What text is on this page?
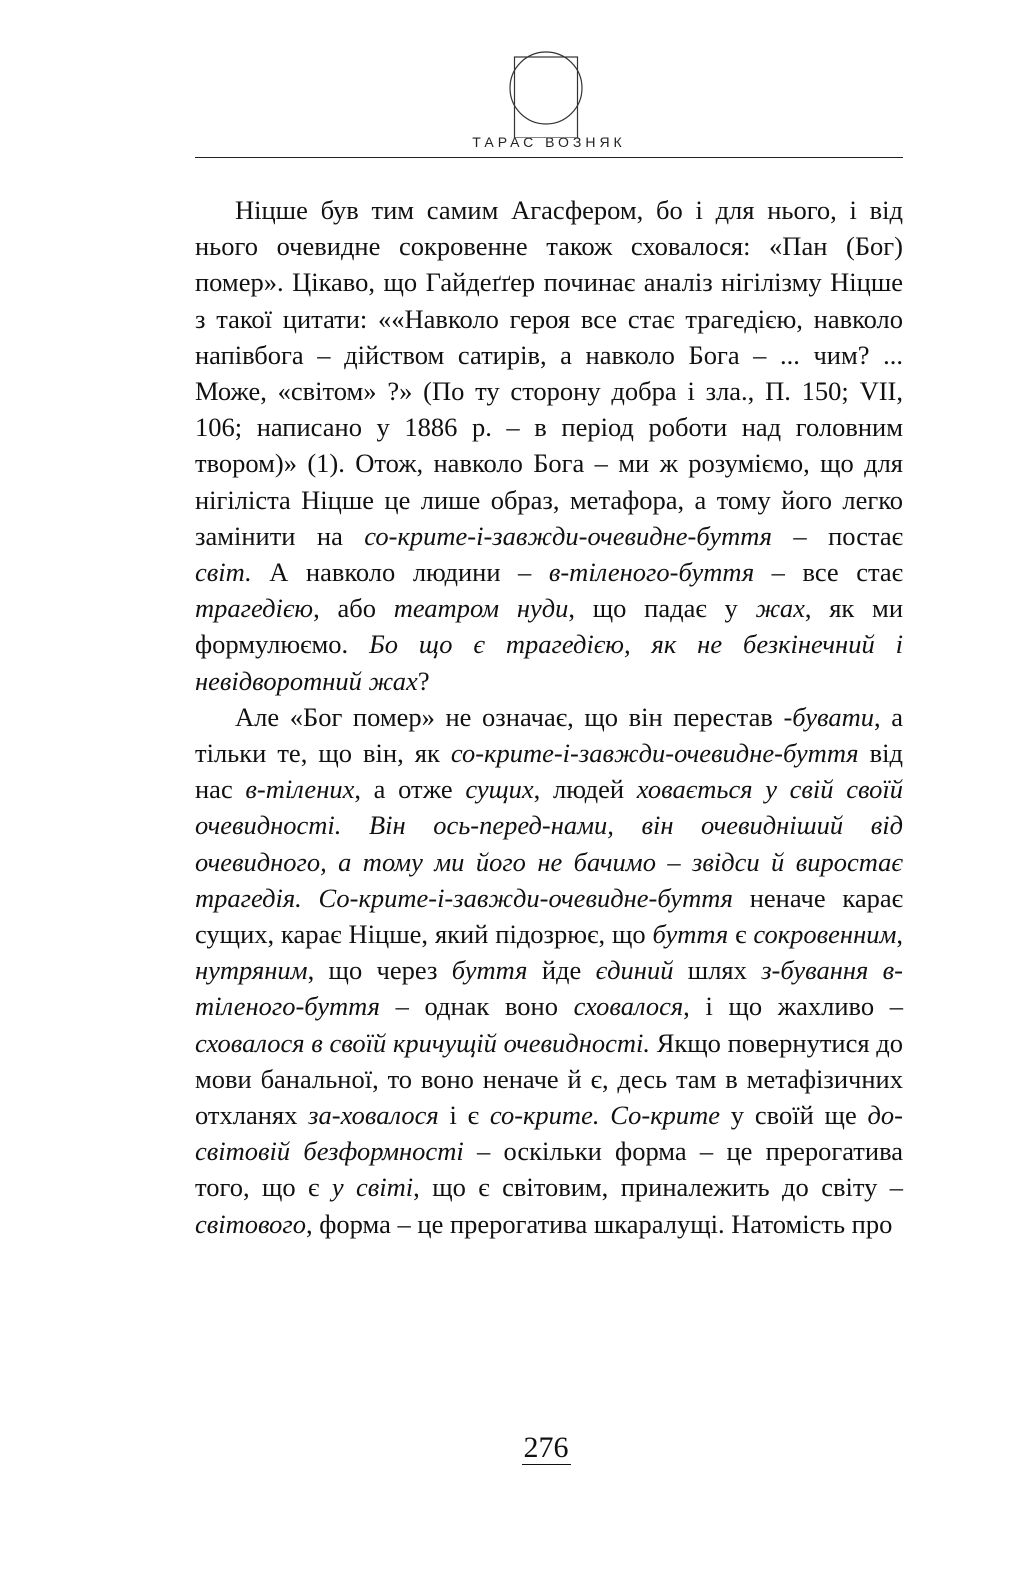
ТАРАС ВОЗНЯК

Ніцше був тим самим Агасфером, бо і для нього, і від нього очевидне сокровенне також сховалося: «Пан (Бог) помер». Цікаво, що Гайдеґґер починає аналіз нігілізму Ніцше з такої цитати: ««Навколо героя все стає трагедією, навколо напівбога – дійством сатирів, а навколо Бога – ... чим? ... Може, «світом» ?» (По ту сторону добра і зла., П. 150; VII, 106; написано у 1886 р. – в період роботи над головним твором)» (1). Отож, навколо Бога – ми ж розуміємо, що для нігіліста Ніцше це лише образ, метафора, а тому його легко замінити на со-крите-і-завжди-очевидне-буття – постає світ. А навколо людини – в-тіленого-буття – все стає трагедією, або театром нуди, що падає у жах, як ми формулюємо. Бо що є трагедією, як не безкінечний і невідворотний жах?

Але «Бог помер» не означає, що він перестав -бувати, а тільки те, що він, як со-крите-і-завжди-очевидне-буття від нас в-тілених, а отже сущих, людей ховається у свій своїй очевидності. Він ось-перед-нами, він очевидніший від очевидного, а тому ми його не бачимо – звідси й виростає трагедія. Со-крите-і-завжди-очевидне-буття неначе карає сущих, карає Ніцше, який підозрює, що буття є сокровенним, нутряним, що через буття йде єдиний шлях з-бування в-тіленого-буття – однак воно сховалося, і що жахливо – сховалося в своїй кричущій очевидності. Якщо повернутися до мови банальної, то воно неначе й є, десь там в метафізичних отхланях за-ховалося і є со-крите. Со-крите у своїй ще до-світовій безформності – оскільки форма – це прерогатива того, що є у світі, що є світовим, приналежить до світу – світового, форма – це прерогатива шкаралущі. Натомість про

276
